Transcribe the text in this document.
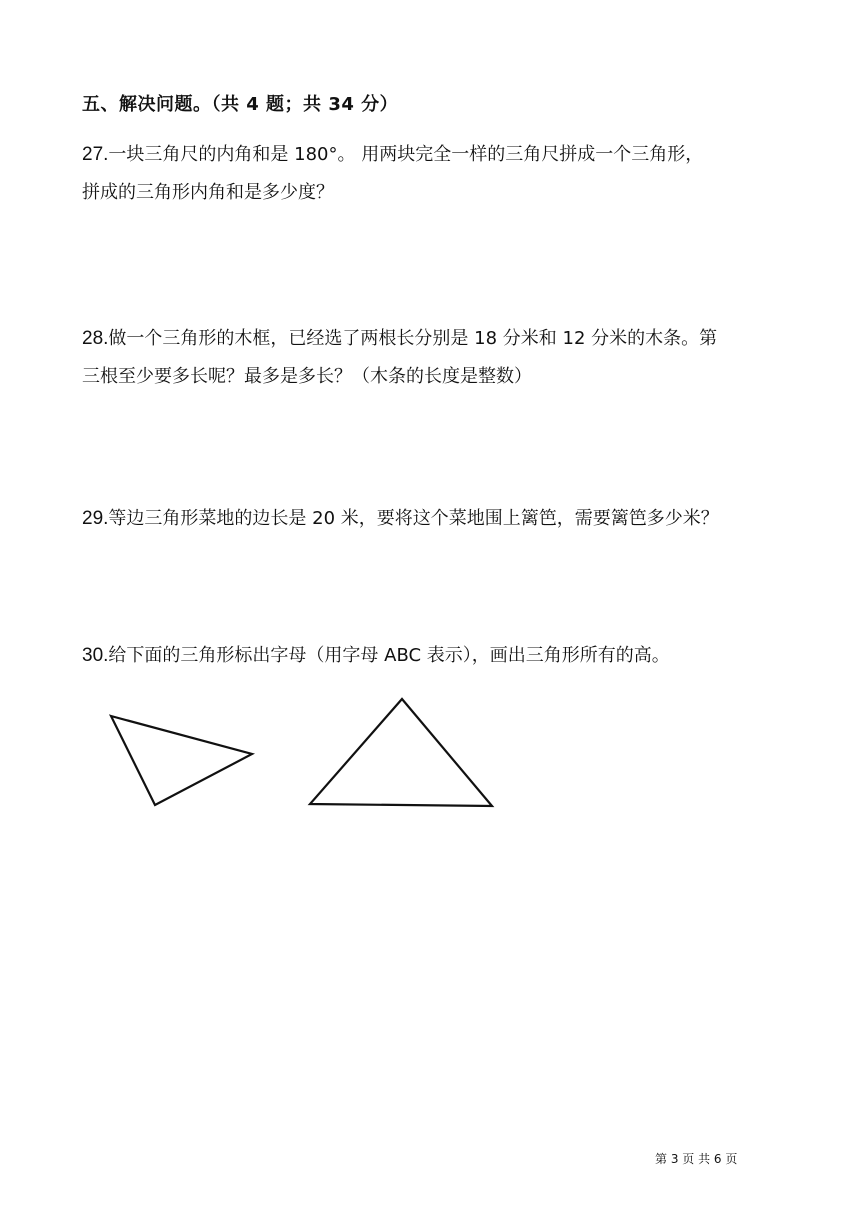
五、解决问题。（共 4 题；共 34 分）
27.一块三角尺的内角和是 180°。 用两块完全一样的三角尺拼成一个三角形，
拼成的三角形内角和是多少度？
28.做一个三角形的木框，已经选了两根长分别是 18 分米和 12 分米的木条。第
三根至少要多长呢？最多是多长？（木条的长度是整数）
29.等边三角形菜地的边长是 20 米，要将这个菜地围上篱笆，需要篱笆多少米？
30.给下面的三角形标出字母（用字母 ABC 表示），画出三角形所有的高。
第 3 页 共 6 页
